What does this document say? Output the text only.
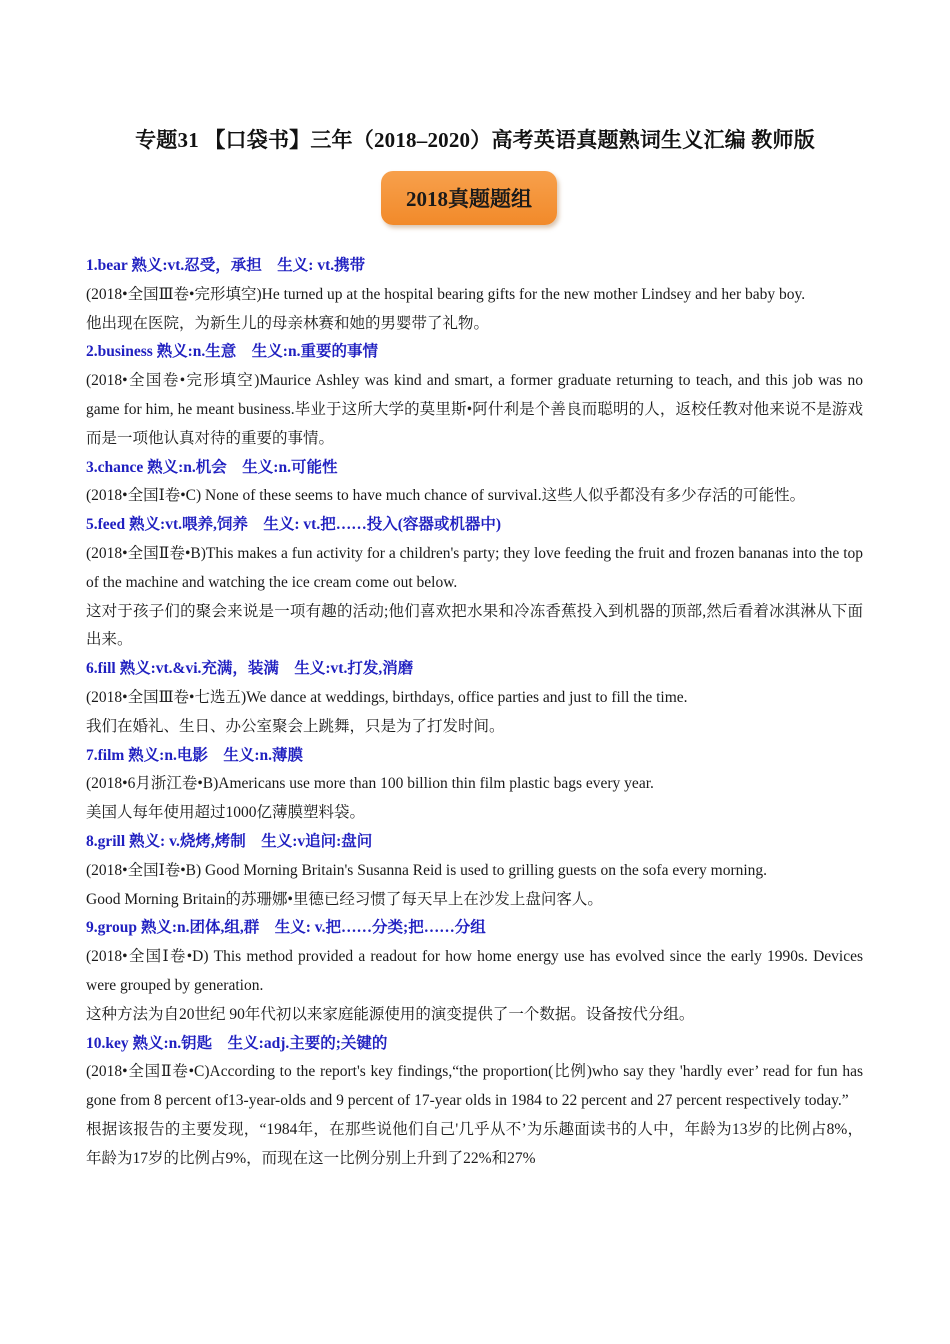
专题31 【口袋书】三年（2018–2020）高考英语真题熟词生义汇编 教师版
2018真题题组
1.bear 熟义:vt.忍受，承担　生义: vt.携带
(2018•全国Ⅲ卷•完形填空)He turned up at the hospital bearing gifts for the new mother Lindsey and her baby boy.
他出现在医院，为新生儿的母亲林赛和她的男婴带了礼物。
2.business 熟义:n.生意　生义:n.重要的事情
(2018•全国卷•完形填空)Maurice Ashley was kind and smart, a former graduate returning to teach, and this job was no game for him, he meant business.毕业于这所大学的莫里斯•阿什利是个善良而聪明的人，返校任教对他来说不是游戏而是一项他认真对待的重要的事情。
3.chance 熟义:n.机会　生义:n.可能性
(2018•全国Ⅰ卷•C) None of these seems to have much chance of survival.这些人似乎都没有多少存活的可能性。
5.feed 熟义:vt.喂养,饲养　生义: vt.把……投入(容器或机器中)
(2018•全国Ⅱ卷•B)This makes a fun activity for a children's party; they love feeding the fruit and frozen bananas into the top of the machine and watching the ice cream come out below.
这对于孩子们的聚会来说是一项有趣的活动;他们喜欢把水果和冷冻香蕉投入到机器的顶部,然后看着冰淇淋从下面出来。
6.fill 熟义:vt.&vi.充满，装满　生义:vt.打发,消磨
(2018•全国Ⅲ卷•七选五)We dance at weddings, birthdays, office parties and just to fill the time.
我们在婚礼、生日、办公室聚会上跳舞，只是为了打发时间。
7.film 熟义:n.电影　生义:n.薄膜
(2018•6月浙江卷•B)Americans use more than 100 billion thin film plastic bags every year.
美国人每年使用超过1000亿薄膜塑料袋。
8.grill 熟义: v.烧烤,烤制　生义:v追问:盘问
(2018•全国Ⅰ卷•B) Good Morning Britain's Susanna Reid is used to grilling guests on the sofa every morning.
Good Morning Britain的苏珊娜•里德已经习惯了每天早上在沙发上盘问客人。
9.group 熟义:n.团体,组,群　生义: v.把……分类;把……分组
(2018•全国Ⅰ卷•D) This method provided a readout for how home energy use has evolved since the early 1990s. Devices were grouped by generation.
这种方法为自20世纪 90年代初以来家庭能源使用的演变提供了一个数据。设备按代分组。
10.key 熟义:n.钥匙　生义:adj.主要的;关键的
(2018•全国Ⅱ卷•C)According to the report's key findings,“the proportion(比例)who say they 'hardly ever’ read for fun has gone from 8 percent of13-year-olds and 9 percent of 17-year olds in 1984 to 22 percent and 27 percent respectively today.”
根据该报告的主要发现，“1984年，在那些说他们自己'几乎从不’为乐趣面读书的人中，年龄为13岁的比例占8%，年龄为17岁的比例占9%，而现在这一比例分别上升到了22%和27%
